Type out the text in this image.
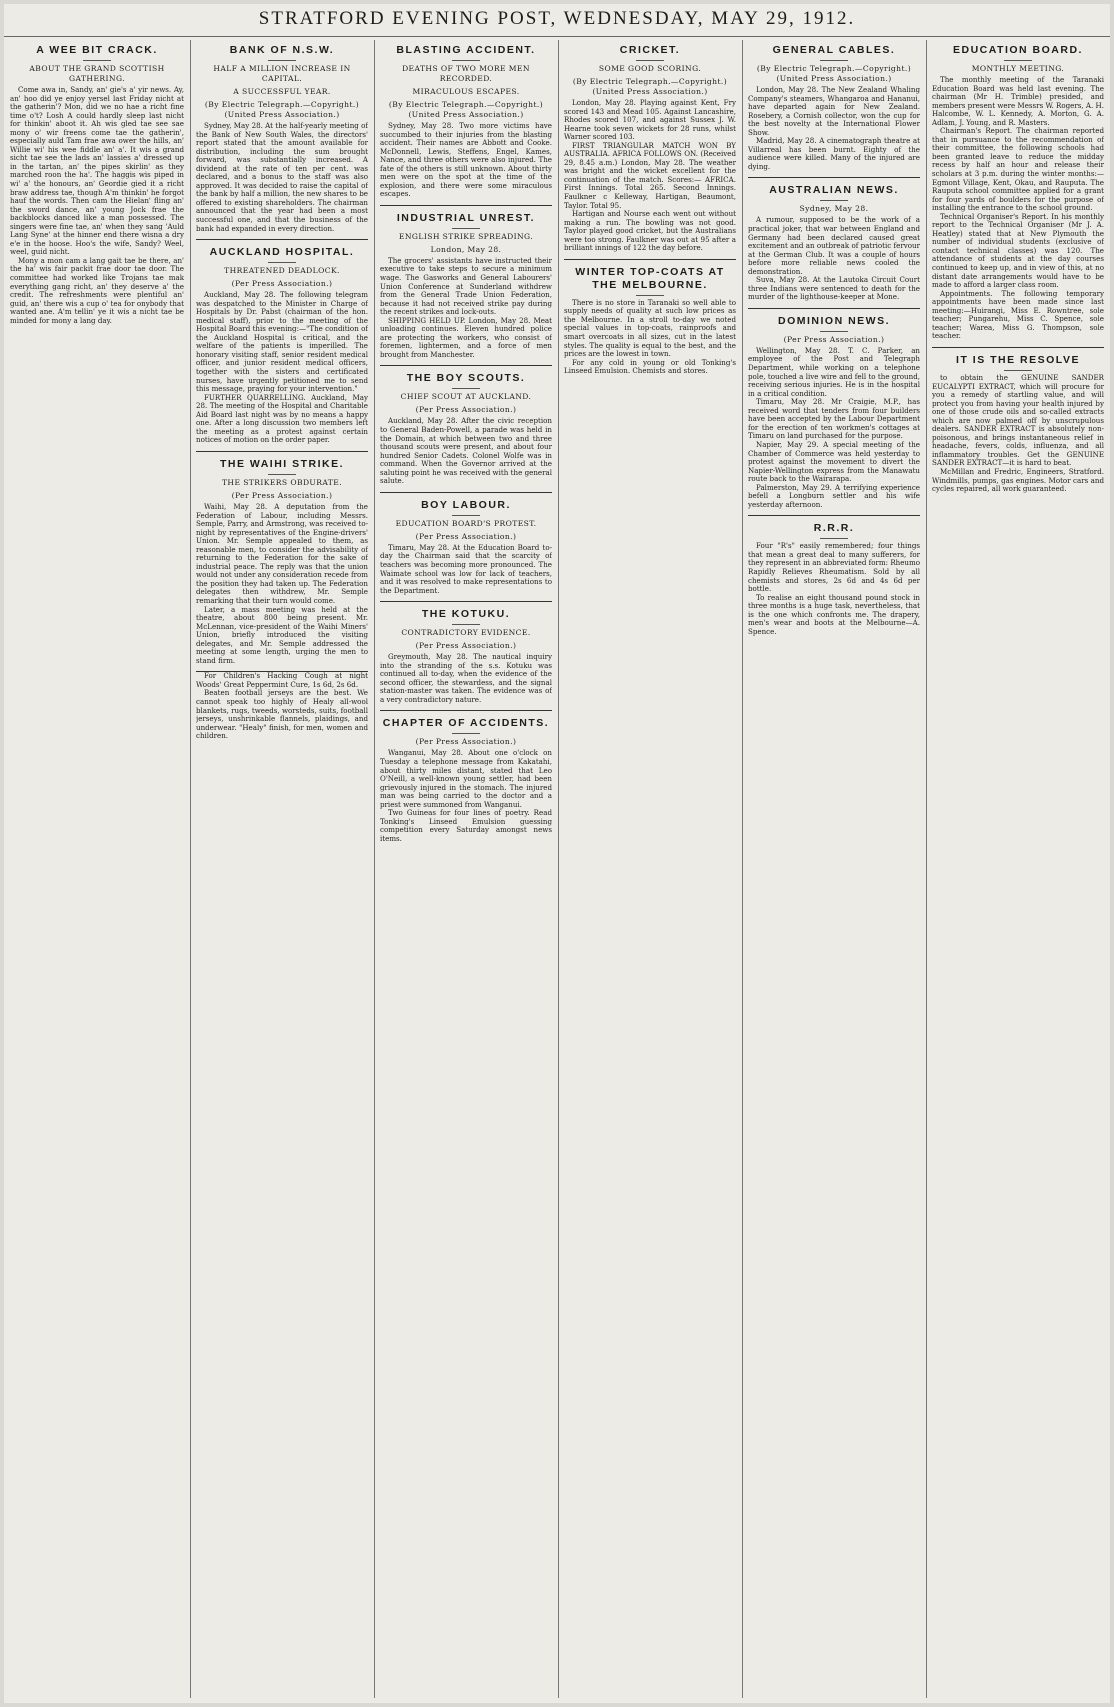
STRATFORD EVENING POST, WEDNESDAY, MAY 29, 1912.
A WEE BIT CRACK.
ABOUT THE GRAND SCOTTISH GATHERING.

Come awa in, Sandy, an' gie's a' yir news. Ay, an' hoo did ye enjoy yersel last Friday nicht at the gatherin'? Mon, did we no hae a richt fine time o't? Losh A could hardly sleep last nicht for thinkin' aboot it. Ah wis gled tae see sae mony o' wir freens come tae the gatherin', especially auld Tam frae awa ower the hills, an' Willie wi' his wee fiddle an' a'. It wis a grand sicht tae see the lads an' lassies a' dressed up in the tartan, an' the pipes skirlin' as they marched roon the ha'. The haggis wis piped in wi' a' the honours, an' Geordie gied it a richt braw address tae, though A'm thinkin' he forgot hauf the words. Then cam the Hielan' fling an' the sword dance, an' young Jock frae the backblocks danced like a man possessed. The singers were fine tae, an' when they sang 'Auld Lang Syne' at the hinner end there wisna a dry e'e in the hoose. Hoo's the wife, Sandy? Weel, weel, guid nicht.

Mony a mon cam a lang gait tae be there, an' the ha' wis fair packit frae door tae door. The committee had worked like Trojans tae mak everything gang richt, an' they deserve a' the credit. The refreshments were plentiful an' guid, an' there wis a cup o' tea for onybody that wanted ane. A'm tellin' ye it wis a nicht tae be minded for mony a lang day.

BANK OF N.S.W.
HALF A MILLION INCREASE IN CAPITAL.
A SUCCESSFUL YEAR.
(By Electric Telegraph.—Copyright.) (United Press Association.)

Sydney, May 28. At the half-yearly meeting of the Bank of New South Wales, the directors' report stated that the amount available for distribution, including the sum brought forward, was substantially increased. A dividend at the rate of ten per cent. was declared, and a bonus to the staff was also approved. It was decided to raise the capital of the bank by half a million, the new shares to be offered to existing shareholders. The chairman announced that the year had been a most successful one, and that the business of the bank had expanded in every direction.

AUCKLAND HOSPITAL.
THREATENED DEADLOCK.
(Per Press Association.)

Auckland, May 28. The following telegram was despatched to the Minister in Charge of Hospitals by Dr. Pabst (chairman of the hon. medical staff), prior to the meeting of the Hospital Board this evening:—"The condition of the Auckland Hospital is critical, and the welfare of the patients is imperilled. The honorary visiting staff, senior resident medical officer, and junior resident medical officers, together with the sisters and certificated nurses, have urgently petitioned me to send this message, praying for your intervention."

FURTHER QUARRELLING. Auckland, May 28. The meeting of the Hospital and Charitable Aid Board last night was by no means a happy one. After a long discussion two members left the meeting as a protest against certain notices of motion on the order paper.

THE WAIHI STRIKE.
THE STRIKERS OBDURATE.
(Per Press Association.)

Waihi, May 28. A deputation from the Federation of Labour, including Messrs. Semple, Parry, and Armstrong, was received to-night by representatives of the Engine-drivers' Union. Mr. Semple appealed to them, as reasonable men, to consider the advisability of returning to the Federation for the sake of industrial peace. The reply was that the union would not under any consideration recede from the position they had taken up. The Federation delegates then withdrew, Mr. Semple remarking that their turn would come.

Later, a mass meeting was held at the theatre, about 800 being present. Mr. McLennan, vice-president of the Waihi Miners' Union, briefly introduced the visiting delegates, and Mr. Semple addressed the meeting at some length, urging the men to stand firm.

For Children's Hacking Cough at night Woods' Great Peppermint Cure, 1s 6d, 2s 6d.

Beaten football jerseys are the best. We cannot speak too highly of Healy all-wool blankets, rugs, tweeds, worsteds, suits, football jerseys, unshrinkable flannels, plaidings, and underwear. "Healy" finish, for men, women and children.

BLASTING ACCIDENT.
DEATHS OF TWO MORE MEN RECORDED.
MIRACULOUS ESCAPES.
(By Electric Telegraph.—Copyright.) (United Press Association.)

Sydney, May 28. Two more victims have succumbed to their injuries from the blasting accident. Their names are Abbott and Cooke. McDonnell, Lewis, Steffens, Engel, Kames, Nance, and three others were also injured. The fate of the others is still unknown. About thirty men were on the spot at the time of the explosion, and there were some miraculous escapes.

INDUSTRIAL UNREST.
ENGLISH STRIKE SPREADING.
London, May 28.

The grocers' assistants have instructed their executive to take steps to secure a minimum wage. The Gasworks and General Labourers' Union Conference at Sunderland withdrew from the General Trade Union Federation, because it had not received strike pay during the recent strikes and lock-outs.

SHIPPING HELD UP. London, May 28. Meat unloading continues. Eleven hundred police are protecting the workers, who consist of foremen, lightermen, and a force of men brought from Manchester.

THE BOY SCOUTS.
CHIEF SCOUT AT AUCKLAND.
(Per Press Association.)

Auckland, May 28. After the civic reception to General Baden-Powell, a parade was held in the Domain, at which between two and three thousand scouts were present, and about four hundred Senior Cadets. Colonel Wolfe was in command. When the Governor arrived at the saluting point he was received with the general salute.

BOY LABOUR.
EDUCATION BOARD'S PROTEST.
(Per Press Association.)

Timaru, May 28. At the Education Board to-day the Chairman said that the scarcity of teachers was becoming more pronounced. The Waimate school was low for lack of teachers, and it was resolved to make representations to the Department.

THE KOTUKU.
CONTRADICTORY EVIDENCE.
(Per Press Association.)

Greymouth, May 28. The nautical inquiry into the stranding of the s.s. Kotuku was continued all to-day, when the evidence of the second officer, the stewardess, and the signal station-master was taken. The evidence was of a very contradictory nature.

CHAPTER OF ACCIDENTS.
(Per Press Association.)

Wanganui, May 28. About one o'clock on Tuesday a telephone message from Kakatahi, about thirty miles distant, stated that Leo O'Neill, a well-known young settler, had been grievously injured in the stomach. The injured man was being carried to the doctor and a priest were summoned from Wanganui.

Two Guineas for four lines of poetry. Read Tonking's Linseed Emulsion guessing competition every Saturday amongst news items.

CRICKET.
SOME GOOD SCORING.
(By Electric Telegraph.—Copyright.) (United Press Association.)

London, May 28. Playing against Kent, Fry scored 143 and Mead 105. Against Lancashire, Rhodes scored 107, and against Sussex J. W. Hearne took seven wickets for 28 runs, whilst Warner scored 103.

FIRST TRIANGULAR MATCH WON BY AUSTRALIA. AFRICA FOLLOWS ON. (Received 29, 8.45 a.m.) London, May 28. The weather was bright and the wicket excellent for the continuation of the match. Scores:— AFRICA. First Innings. Total 265. Second Innings. Faulkner c Kelleway, Hartigan, Beaumont, Taylor. Total 95.

Hartigan and Nourse each went out without making a run. The bowling was not good. Taylor played good cricket, but the Australians were too strong. Faulkner was out at 95 after a brilliant innings of 122 the day before.

WINTER TOP-COATS AT THE MELBOURNE.

There is no store in Taranaki so well able to supply needs of quality at such low prices as the Melbourne. In a stroll to-day we noted special values in top-coats, rainproofs and smart overcoats in all sizes, cut in the latest styles. The quality is equal to the best, and the prices are the lowest in town.

For any cold in young or old Tonking's Linseed Emulsion. Chemists and stores.

GENERAL CABLES.
(By Electric Telegraph.—Copyright.) (United Press Association.)

London, May 28. The New Zealand Whaling Company's steamers, Whangaroa and Hananui, have departed again for New Zealand. Rosebery, a Cornish collector, won the cup for the best novelty at the International Flower Show.

Madrid, May 28. A cinematograph theatre at Villarreal has been burnt. Eighty of the audience were killed. Many of the injured are dying.

AUSTRALIAN NEWS.
Sydney, May 28.

A rumour, supposed to be the work of a practical joker, that war between England and Germany had been declared caused great excitement and an outbreak of patriotic fervour at the German Club. It was a couple of hours before more reliable news cooled the demonstration.

Suva, May 28. At the Lautoka Circuit Court three Indians were sentenced to death for the murder of the lighthouse-keeper at Mone.

DOMINION NEWS.
(Per Press Association.)

Wellington, May 28. T. C. Parker, an employee of the Post and Telegraph Department, while working on a telephone pole, touched a live wire and fell to the ground, receiving serious injuries. He is in the hospital in a critical condition.

Timaru, May 28. Mr Craigie, M.P., has received word that tenders from four builders have been accepted by the Labour Department for the erection of ten workmen's cottages at Timaru on land purchased for the purpose.

Napier, May 29. A special meeting of the Chamber of Commerce was held yesterday to protest against the movement to divert the Napier-Wellington express from the Manawatu route back to the Wairarapa.

Palmerston, May 29. A terrifying experience befell a Longburn settler and his wife yesterday afternoon.

R.R.R.

Four "R's" easily remembered; four things that mean a great deal to many sufferers, for they represent in an abbreviated form: Rheumo Rapidly Relieves Rheumatism. Sold by all chemists and stores, 2s 6d and 4s 6d per bottle.

To realise an eight thousand pound stock in three months is a huge task, nevertheless, that is the one which confronts me. The drapery, men's wear and boots at the Melbourne—A. Spence.

EDUCATION BOARD.
MONTHLY MEETING.

The monthly meeting of the Taranaki Education Board was held last evening. The chairman (Mr H. Trimble) presided, and members present were Messrs W. Rogers, A. H. Halcombe, W. L. Kennedy, A. Morton, G. A. Adlam, J. Young, and R. Masters.

Chairman's Report. The chairman reported that in pursuance to the recommendation of their committee, the following schools had been granted leave to reduce the midday recess by half an hour and release their scholars at 3 p.m. during the winter months:—Egmont Village, Kent, Okau, and Rauputa. The Rauputa school committee applied for a grant for four yards of boulders for the purpose of installing the entrance to the school ground.

Technical Organiser's Report. In his monthly report to the Technical Organiser (Mr J. A. Heatley) stated that at New Plymouth the number of individual students (exclusive of contact technical classes) was 120. The attendance of students at the day courses continued to keep up, and in view of this, at no distant date arrangements would have to be made to afford a larger class room.

Appointments. The following temporary appointments have been made since last meeting:—Huirangi, Miss E. Rowntree, sole teacher; Pungarehu, Miss C. Spence, sole teacher; Warea, Miss G. Thompson, sole teacher.

IT IS THE RESOLVE

to obtain the GENUINE SANDER EUCALYPTI EXTRACT, which will procure for you a remedy of startling value, and will protect you from having your health injured by one of those crude oils and so-called extracts which are now palmed off by unscrupulous dealers. SANDER EXTRACT is absolutely non-poisonous, and brings instantaneous relief in headache, fevers, colds, influenza, and all inflammatory troubles. Get the GENUINE SANDER EXTRACT—it is hard to beat.

McMillan and Fredric, Engineers, Stratford. Windmills, pumps, gas engines. Motor cars and cycles repaired, all work guaranteed.
